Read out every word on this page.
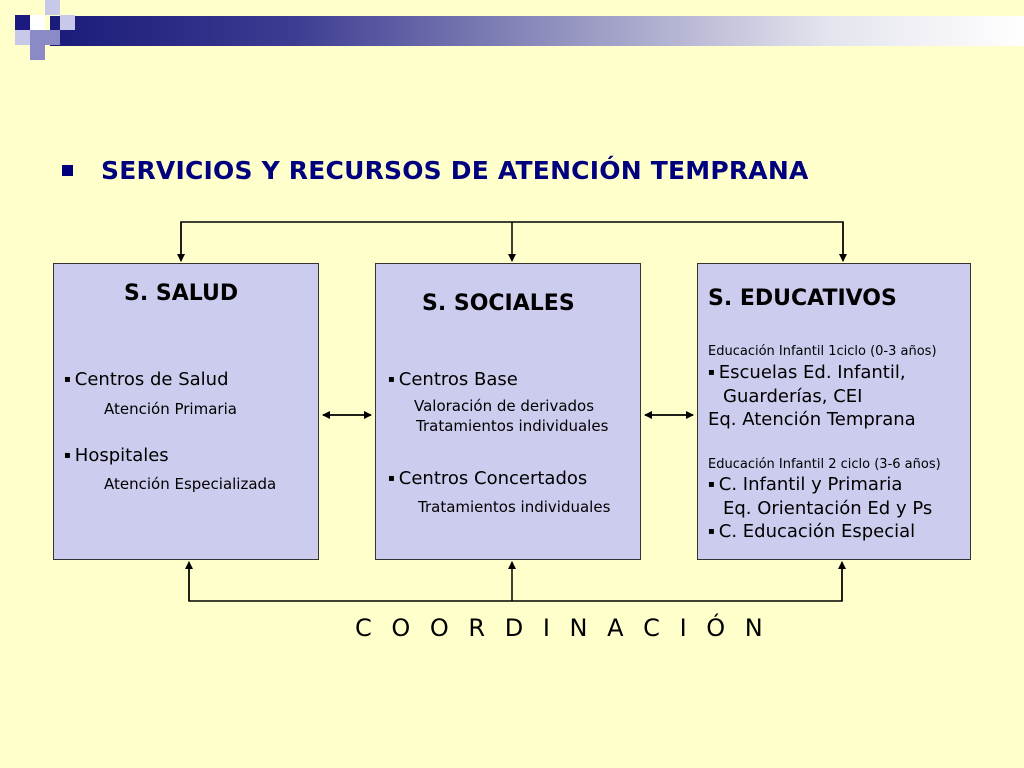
SERVICIOS Y RECURSOS DE ATENCIÓN TEMPRANA
S. SALUD
▪ Centros de Salud
Atención Primaria
▪ Hospitales
Atención Especializada
S. SOCIALES
▪ Centros Base
Valoración de derivados
Tratamientos individuales
▪ Centros Concertados
Tratamientos individuales
S. EDUCATIVOS
Educación Infantil 1ciclo (0-3 años)
▪ Escuelas Ed. Infantil,
Guarderías, CEI
Eq. Atención Temprana
Educación Infantil 2 ciclo (3-6 años)
▪ C. Infantil y Primaria
Eq. Orientación Ed y Ps
▪ C. Educación Especial
C O O R D I N A C I Ó N
